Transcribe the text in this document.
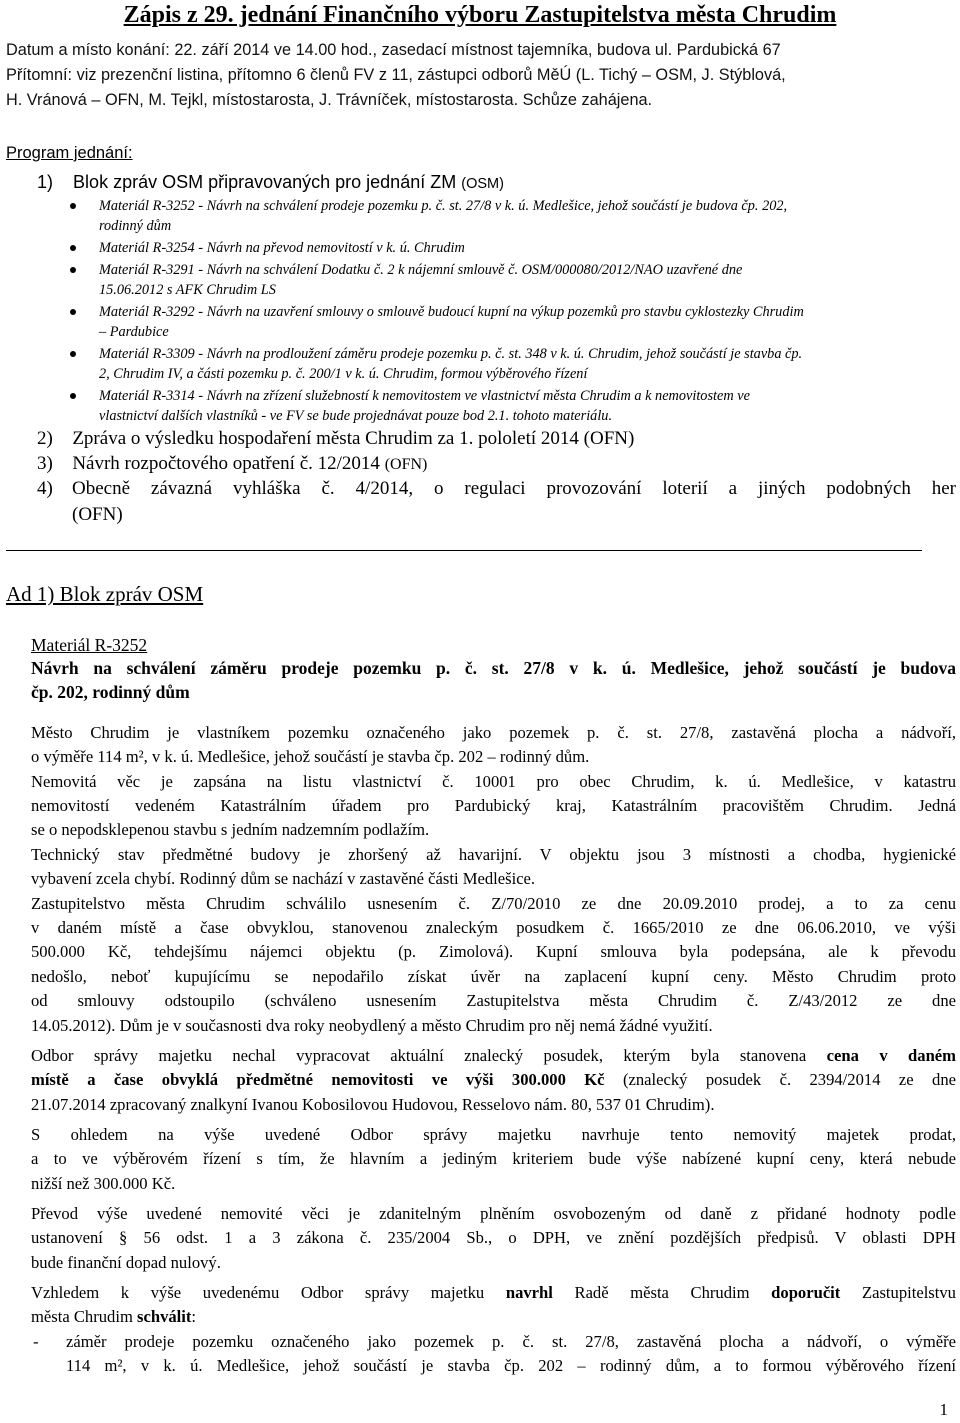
Zápis z 29. jednání Finančního výboru Zastupitelstva města Chrudim
Datum a místo konání: 22. září 2014 ve 14.00 hod., zasedací místnost tajemníka, budova ul. Pardubická 67
Přítomní: viz prezenční listina, přítomno 6 členů FV z 11, zástupci odborů MěÚ (L. Tichý – OSM, J. Stýblová,
H. Vránová – OFN, M. Tejkl, místostarosta, J. Trávníček, místostarosta. Schůze zahájena.
Program jednání:
1) Blok zpráv OSM připravovaných pro jednání ZM (OSM)
Materiál R-3252 - Návrh na schválení prodeje pozemku p. č. st. 27/8 v k. ú. Medlešice, jehož součástí je budova čp. 202,
rodinný dům
Materiál R-3254 - Návrh na převod nemovitostí v k. ú. Chrudim
Materiál R-3291 - Návrh na schválení Dodatku č. 2 k nájemní smlouvě č. OSM/000080/2012/NAO uzavřené dne
15.06.2012 s AFK Chrudim LS
Materiál R-3292 - Návrh na uzavření smlouvy o smlouvě budoucí kupní na výkup pozemků pro stavbu cyklostezky Chrudim
– Pardubice
Materiál R-3309 - Návrh na prodloužení záměru prodeje pozemku p. č. st. 348 v k. ú. Chrudim, jehož součástí je stavba čp.
2, Chrudim IV, a části pozemku p. č. 200/1 v k. ú. Chrudim, formou výběrového řízení
Materiál R-3314 - Návrh na zřízení služebností k nemovitostem ve vlastnictví města Chrudim a k nemovitostem ve
vlastnictví dalších vlastníků - ve FV se bude projednávat pouze bod 2.1. tohoto materiálu.
2) Zpráva o výsledku hospodaření města Chrudim za 1. pololetí 2014 (OFN)
3) Návrh rozpočtového opatření č. 12/2014 (OFN)
4) Obecně závazná vyhláška č. 4/2014, o regulaci provozování loterií a jiných podobných her
(OFN)
Ad 1) Blok zpráv OSM
Materiál R-3252
Návrh na schválení záměru prodeje pozemku p. č. st. 27/8 v k. ú. Medlešice, jehož součástí je budova
čp. 202, rodinný dům
Město Chrudim je vlastníkem pozemku označeného jako pozemek p. č. st. 27/8, zastavěná plocha a nádvoří,
o výměře 114 m², v k. ú. Medlešice, jehož součástí je stavba čp. 202 – rodinný dům.
Nemovitá věc je zapsána na listu vlastnictví č. 10001 pro obec Chrudim, k. ú. Medlešice, v katastru
nemovitostí vedeném Katastrálním úřadem pro Pardubický kraj, Katastrálním pracovištěm Chrudim. Jedná
se o nepodsklepenou stavbu s jedním nadzemním podlažím.
Technický stav předmětné budovy je zhoršený až havarijní. V objektu jsou 3 místnosti a chodba, hygienické
vybavení zcela chybí. Rodinný dům se nachází v zastavěné části Medlešice.
Zastupitelstvo města Chrudim schválilo usnesením č. Z/70/2010 ze dne 20.09.2010 prodej, a to za cenu
v daném místě a čase obvyklou, stanovenou znaleckým posudkem č. 1665/2010 ze dne 06.06.2010, ve výši
500.000 Kč, tehdejšímu nájemci objektu (p. Zimolová). Kupní smlouva byla podepsána, ale k převodu
nedošlo, neboť kupujícímu se nepodařilo získat úvěr na zaplacení kupní ceny. Město Chrudim proto
od smlouvy odstoupilo (schváleno usnesením Zastupitelstva města Chrudim č. Z/43/2012 ze dne
14.05.2012). Dům je v současnosti dva roky neobydlený a město Chrudim pro něj nemá žádné využití.
Odbor správy majetku nechal vypracovat aktuální znalecký posudek, kterým byla stanovena cena v daném
místě a čase obvyklá předmětné nemovitosti ve výši 300.000 Kč (znalecký posudek č. 2394/2014 ze dne
21.07.2014 zpracovaný znalkyní Ivanou Kobosilovou Hudovou, Resselovo nám. 80, 537 01 Chrudim).
S ohledem na výše uvedené Odbor správy majetku navrhuje tento nemovitý majetek prodat,
a to ve výběrovém řízení s tím, že hlavním a jediným kriteriem bude výše nabízené kupní ceny, která nebude
nižší než 300.000 Kč.
Převod výše uvedené nemovité věci je zdanitelným plněním osvobozeným od daně z přidané hodnoty podle
ustanovení § 56 odst. 1 a 3 zákona č. 235/2004 Sb., o DPH, ve znění pozdějších předpisů. V oblasti DPH
bude finanční dopad nulový.
Vzhledem k výše uvedenému Odbor správy majetku navrhl Radě města Chrudim doporučit Zastupitelstvu
města Chrudim schválit:
- záměr prodeje pozemku označeného jako pozemek p. č. st. 27/8, zastavěná plocha a nádvoří, o výměře
114 m², v k. ú. Medlešice, jehož součástí je stavba čp. 202 – rodinný dům, a to formou výběrového řízení
1
